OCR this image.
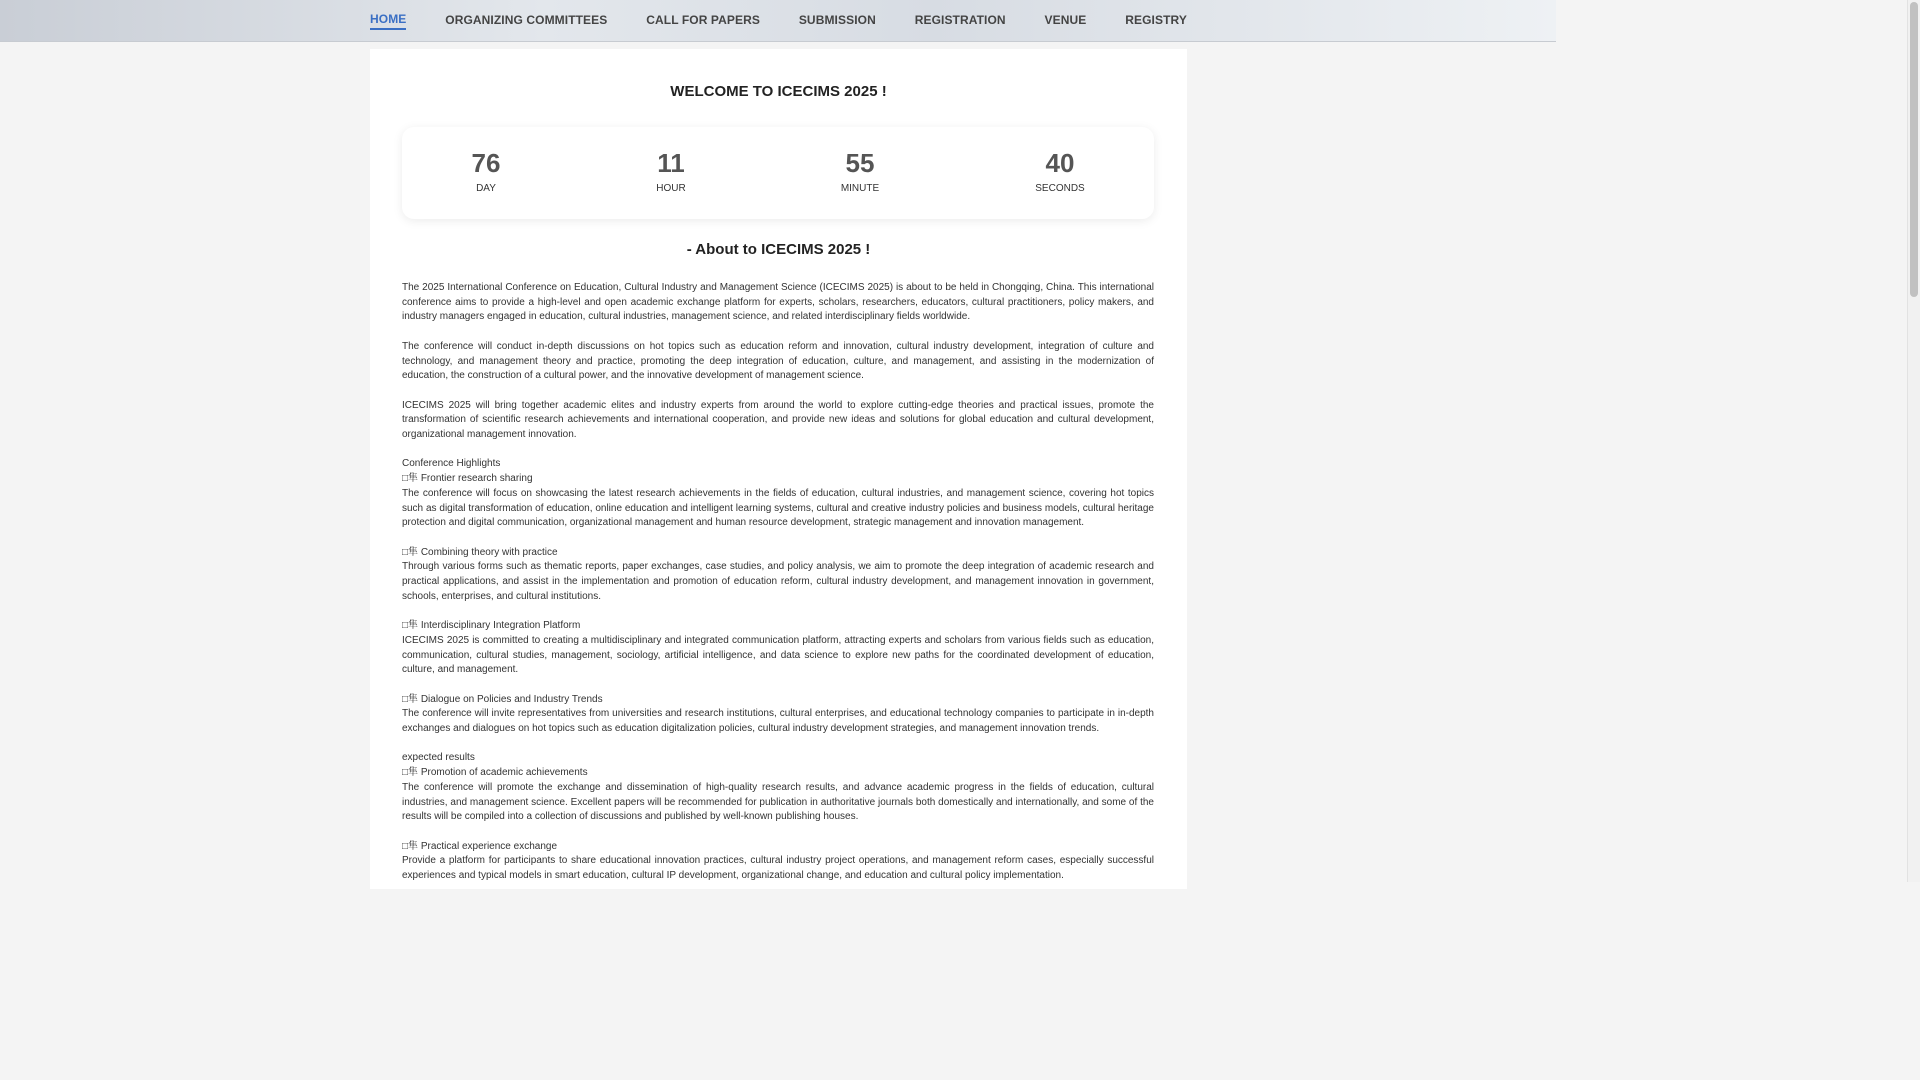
HOME	ORGANIZING COMMITTEES	CALL FOR PAPERS	SUBMISSION	REGISTRATION	VENUE	REGISTRY
WELCOME TO ICECIMS 2025 !
76
DAY
11
HOUR
55
MINUTE
40
SECONDS
- About to ICECIMS 2025 !

The 2025 International Conference on Education, Cultural Industry and Management Science (ICECIMS 2025) is about to be held in Chongqing, China. This international conference aims to provide a high-level and open academic exchange platform for experts, scholars, researchers, educators, cultural practitioners, policy makers, and industry managers engaged in education, cultural industries, management science, and related interdisciplinary fields worldwide.

The conference will conduct in-depth discussions on hot topics such as education reform and innovation, cultural industry development, integration of culture and technology, and management theory and practice, promoting the deep integration of education, culture, and management, and assisting in the modernization of education, the construction of a cultural power, and the innovative development of management science.

ICECIMS 2025 will bring together academic elites and industry experts from around the world to explore cutting-edge theories and practical issues, promote the transformation of scientific research achievements and international cooperation, and provide new ideas and solutions for global education and cultural development, organizational management innovation.

Conference Highlights
□隼 Frontier research sharing
The conference will focus on showcasing the latest research achievements in the fields of education, cultural industries, and management science, covering hot topics such as digital transformation of education, online education and intelligent learning systems, cultural and creative industry policies and business models, cultural heritage protection and digital communication, organizational management and human resource development, strategic management and innovation management.

□隼 Combining theory with practice
Through various forms such as thematic reports, paper exchanges, case studies, and policy analysis, we aim to promote the deep integration of academic research and practical applications, and assist in the implementation and promotion of education reform, cultural industry development, and management innovation in government, schools, enterprises, and cultural institutions.

□隼 Interdisciplinary Integration Platform
ICECIMS 2025 is committed to creating a multidisciplinary and integrated communication platform, attracting experts and scholars from various fields such as education, communication, cultural studies, management, sociology, artificial intelligence, and data science to explore new paths for the coordinated development of education, culture, and management.

□隼 Dialogue on Policies and Industry Trends
The conference will invite representatives from universities and research institutions, cultural enterprises, and educational technology companies to participate in in-depth exchanges and dialogues on hot topics such as education digitalization policies, cultural industry development strategies, and management innovation trends.

expected results
□隼 Promotion of academic achievements
The conference will promote the exchange and dissemination of high-quality research results, and advance academic progress in the fields of education, cultural industries, and management science. Excellent papers will be recommended for publication in authoritative journals both domestically and internationally, and some of the results will be compiled into a collection of discussions and published by well-known publishing houses.

□隼 Practical experience exchange
Provide a platform for participants to share educational innovation practices, cultural industry project operations, and management reform cases, especially successful experiences and typical models in smart education, cultural IP development, organizational change, and education and cultural policy implementation.
